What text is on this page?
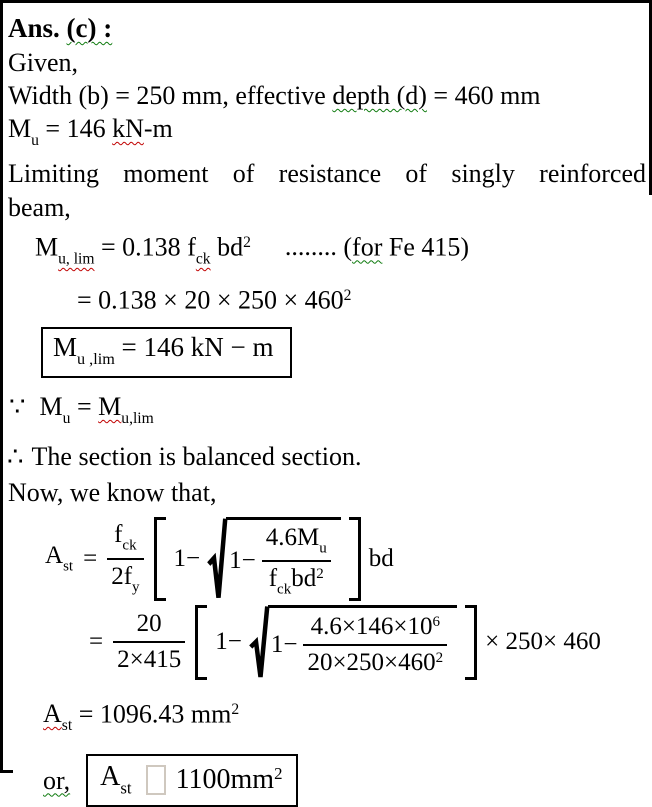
Ans. (c) :
Given,
Width (b) = 250 mm, effective depth (d) = 460 mm
$M_u = 146$ kN-m
Limiting moment of resistance of singly reinforced
beam,
$M_{u, lim} = 0.138$ $f_{ck}$ $bd^2$ ........ (for Fe 415)
= $0.138 \times 20 \times 250 \times 460^2$
$M_{u ,lim} = 146$ kN − m
∵ $M_u = M_{u,lim}$
∴ The section is balanced section.
Now, we know that,
$A_{st} = \frac{f_{ck}}{2f_y} 1- 1- \frac{4.6M_u}{f_{ck}bd^2}$ bd
= $\frac{20}{2\times 415} 1- 1- \frac{4.6\times 146\times 10^6}{20\times 250\times 460^2} \times 250\times 460$
$A_{st} = 1096.43$ $mm^2$
or, $A_{st}$ $1100mm^2$
